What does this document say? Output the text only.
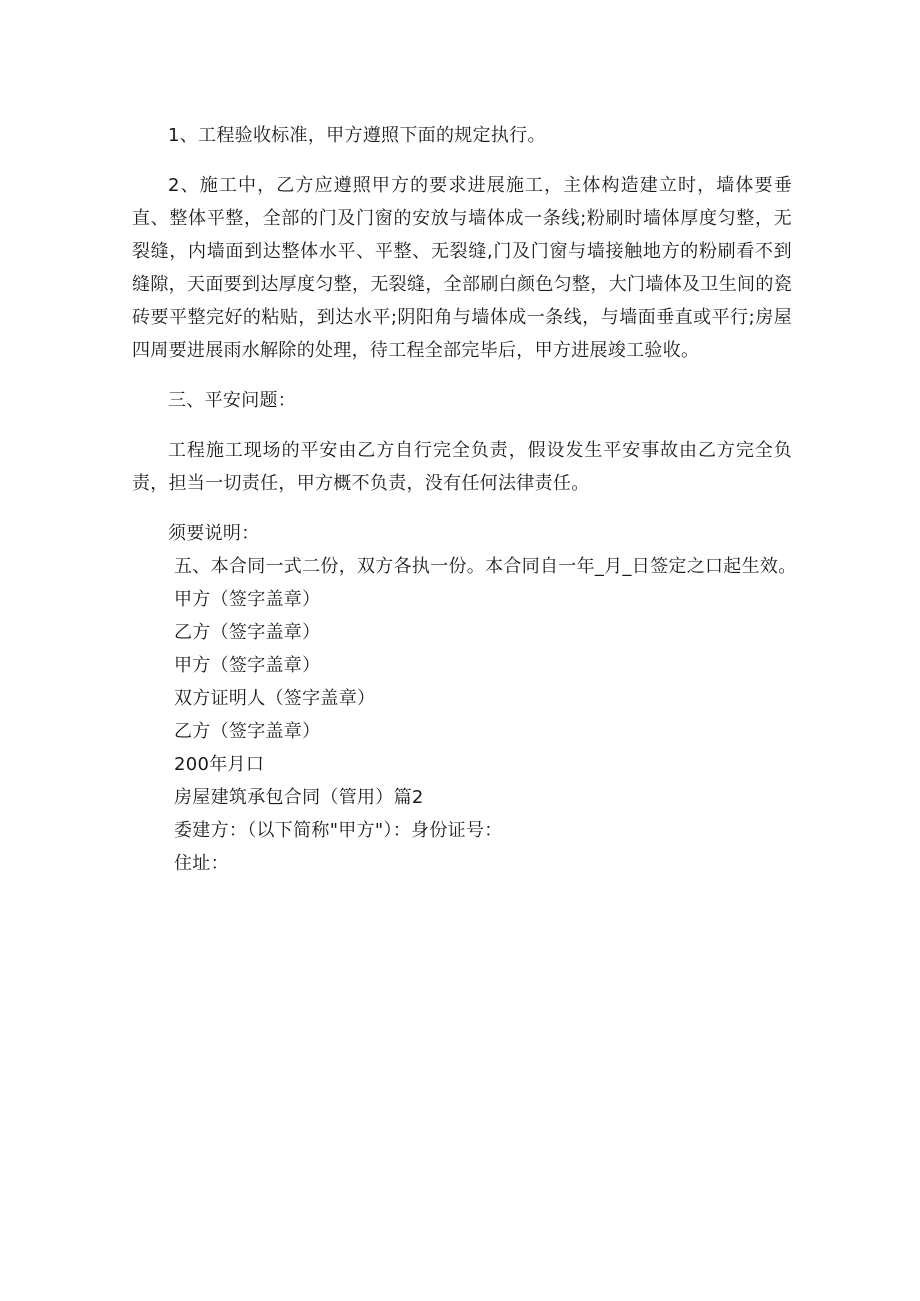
1、工程验收标准，甲方遵照下面的规定执行。

2、施工中，乙方应遵照甲方的要求进展施工，主体构造建立时，墙体要垂直、整体平整，全部的门及门窗的安放与墙体成一条线;粉刷时墙体厚度匀整，无裂缝，内墙面到达整体水平、平整、无裂缝,门及门窗与墙接触地方的粉刷看不到缝隙，天面要到达厚度匀整，无裂缝，全部刷白颜色匀整，大门墙体及卫生间的瓷砖要平整完好的粘贴，到达水平;阴阳角与墙体成一条线，与墙面垂直或平行;房屋四周要进展雨水解除的处理，待工程全部完毕后，甲方进展竣工验收。

三、平安问题：

工程施工现场的平安由乙方自行完全负责，假设发生平安事故由乙方完全负责，担当一切责任，甲方概不负责，没有任何法律责任。

须要说明：

五、本合同一式二份，双方各执一份。本合同自一年_月_日签定之口起生效。

甲方（签字盖章）

乙方（签字盖章）

甲方（签字盖章）

双方证明人（签字盖章）

乙方（签字盖章）

200年月口

房屋建筑承包合同（管用）篇2

委建方：（以下简称"甲方"）：身份证号：

住址：
